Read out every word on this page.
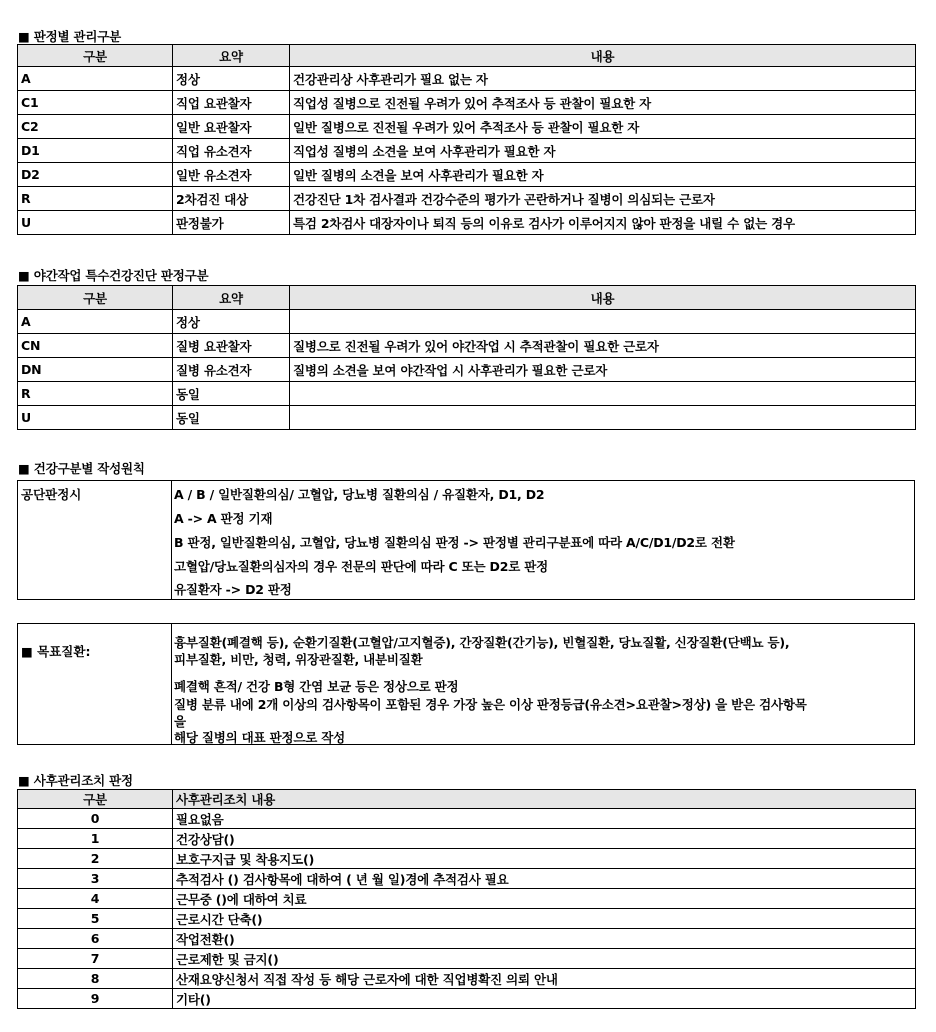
■ 판정별 관리구분
구분	요약	내용
A	정상	건강관리상 사후관리가 필요 없는 자
C1	직업 요관찰자	직업성 질병으로 진전될 우려가 있어 추적조사 등 관찰이 필요한 자
C2	일반 요관찰자	일반 질병으로 진전될 우려가 있어 추적조사 등 관찰이 필요한 자
D1	직업 유소견자	직업성 질병의 소견을 보여 사후관리가 필요한 자
D2	일반 유소견자	일반 질병의 소견을 보여 사후관리가 필요한 자
R	2차검진 대상	건강진단 1차 검사결과 건강수준의 평가가 곤란하거나 질병이 의심되는 근로자
U	판정불가	특검 2차검사 대장자이나 퇴직 등의 이유로 검사가 이루어지지 않아 판정을 내릴 수 없는 경우
■ 야간작업 특수건강진단 판정구분
구분	요약	내용
A	정상	
CN	질병 요관찰자	질병으로 진전될 우려가 있어 야간작업 시 추적관찰이 필요한 근로자
DN	질병 유소견자	질병의 소견을 보여 야간작업 시 사후관리가 필요한 근로자
R	동일	
U	동일	
■ 건강구분별 작성원칙
공단판정시	A / B / 일반질환의심/ 고혈압, 당뇨병 질환의심 / 유질환자, D1, D2
A -> A 판정 기재
B 판정, 일반질환의심, 고혈압, 당뇨병 질환의심 판정 -> 판정별 관리구분표에 따라 A/C/D1/D2로 전환
고혈압/당뇨질환의심자의 경우 전문의 판단에 따라 C 또는 D2로 판정
유질환자 -> D2 판정
■ 목표질환:
흉부질환(폐결핵 등), 순환기질환(고혈압/고지혈증), 간장질환(간기능), 빈혈질환, 당뇨질활, 신장질환(단백뇨 등),
피부질환, 비만, 청력, 위장관질환, 내분비질환
폐결핵 흔적/ 건강 B형 간염 보균 등은 정상으로 판정
질병 분류 내에 2개 이상의 검사항목이 포함된 경우 가장 높은 이상 판정등급(유소견>요관찰>정상) 을 받은 검사항목
을
해당 질병의 대표 판정으로 작성
■ 사후관리조치 판정
구분	사후관리조치 내용
0	필요없음
1	건강상담()
2	보호구지급 및 착용지도()
3	추적검사 () 검사항목에 대하여 ( 년 월 일)경에 추적검사 필요
4	근무중 ()에 대하여 치료
5	근로시간 단축()
6	작업전환()
7	근로제한 및 금지()
8	산재요양신청서 직접 작성 등 해당 근로자에 대한 직업병확진 의뢰 안내
9	기타()
